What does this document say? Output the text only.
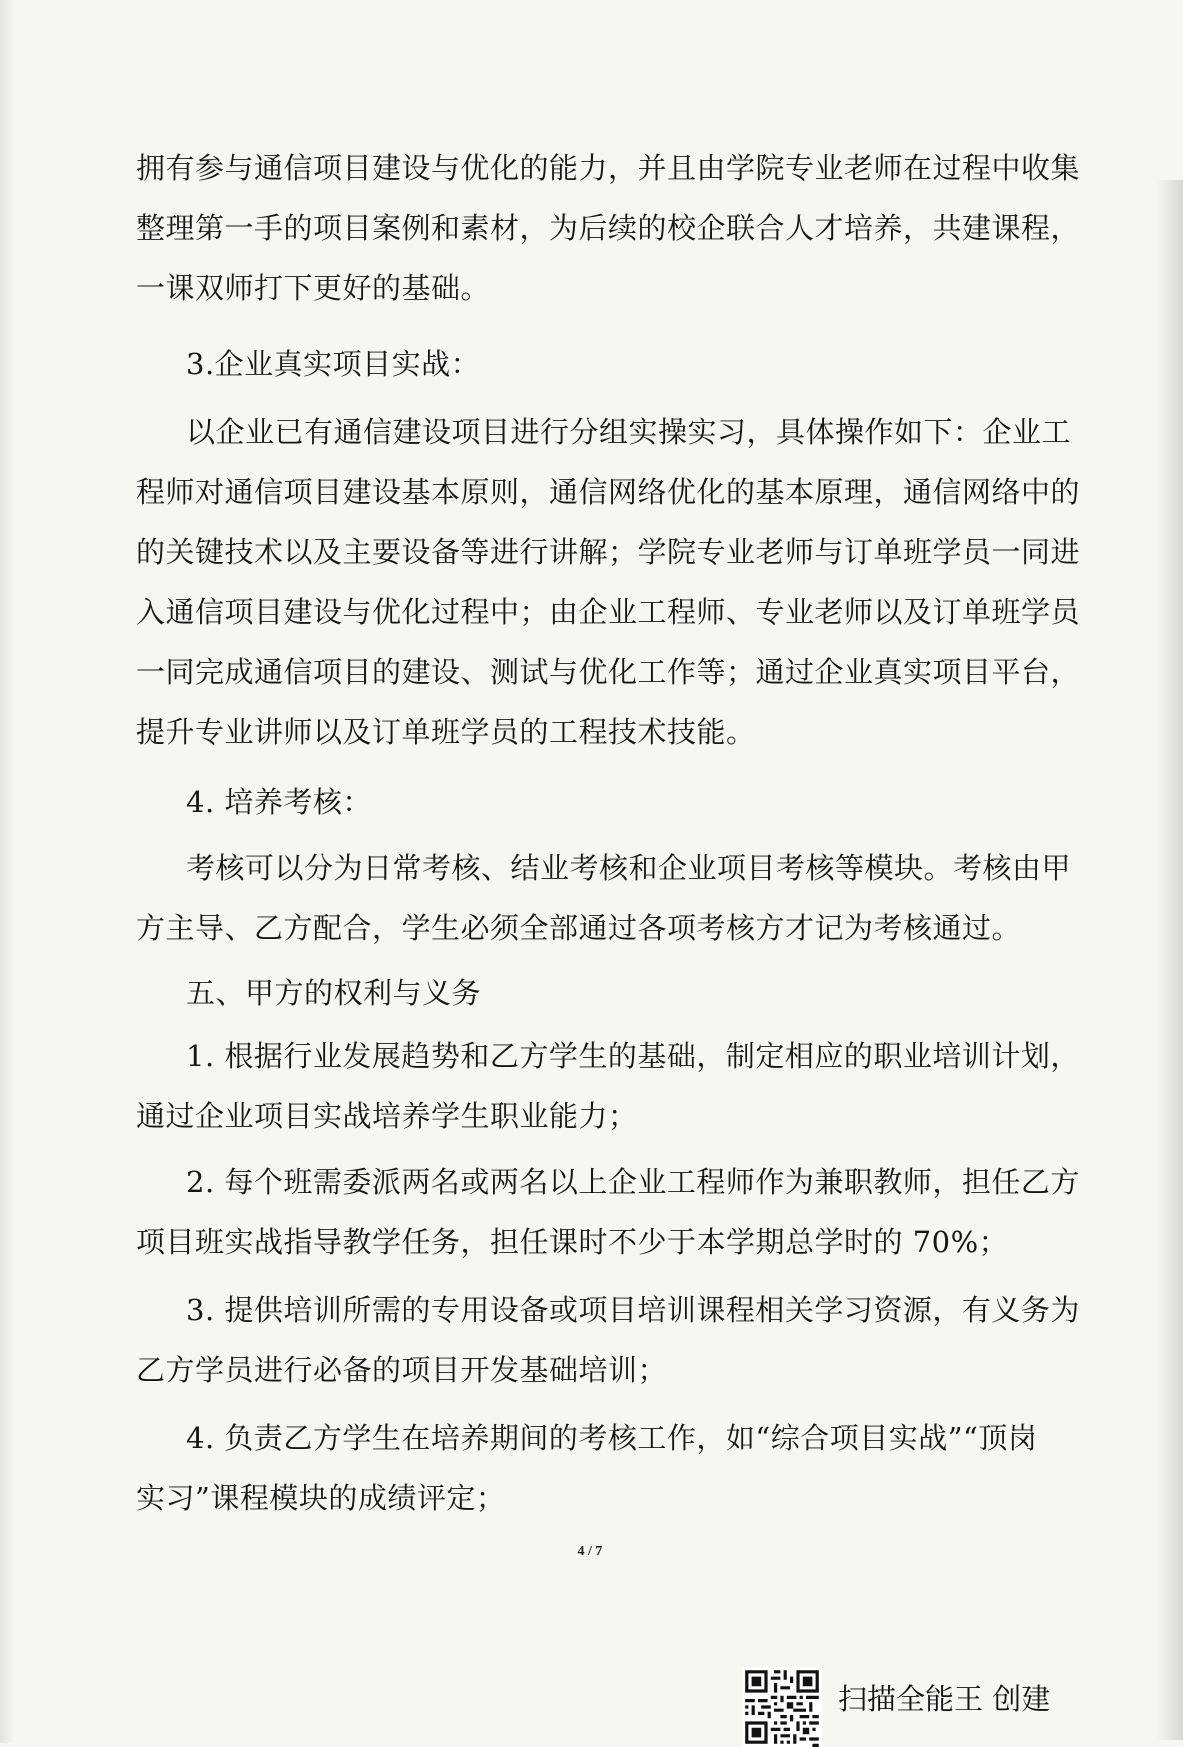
拥有参与通信项目建设与优化的能力，并且由学院专业老师在过程中收集
整理第一手的项目案例和素材，为后续的校企联合人才培养，共建课程，
一课双师打下更好的基础。
3.企业真实项目实战：
以企业已有通信建设项目进行分组实操实习，具体操作如下：企业工
程师对通信项目建设基本原则，通信网络优化的基本原理，通信网络中的
的关键技术以及主要设备等进行讲解；学院专业老师与订单班学员一同进
入通信项目建设与优化过程中；由企业工程师、专业老师以及订单班学员
一同完成通信项目的建设、测试与优化工作等；通过企业真实项目平台，
提升专业讲师以及订单班学员的工程技术技能。
4. 培养考核：
考核可以分为日常考核、结业考核和企业项目考核等模块。考核由甲
方主导、乙方配合，学生必须全部通过各项考核方才记为考核通过。
五、甲方的权利与义务
1. 根据行业发展趋势和乙方学生的基础，制定相应的职业培训计划，
通过企业项目实战培养学生职业能力；
2. 每个班需委派两名或两名以上企业工程师作为兼职教师，担任乙方
项目班实战指导教学任务，担任课时不少于本学期总学时的 70%；
3. 提供培训所需的专用设备或项目培训课程相关学习资源，有义务为
乙方学员进行必备的项目开发基础培训；
4. 负责乙方学生在培养期间的考核工作，如“综合项目实战”“顶岗
实习”课程模块的成绩评定；
4 / 7
扫描全能王 创建
